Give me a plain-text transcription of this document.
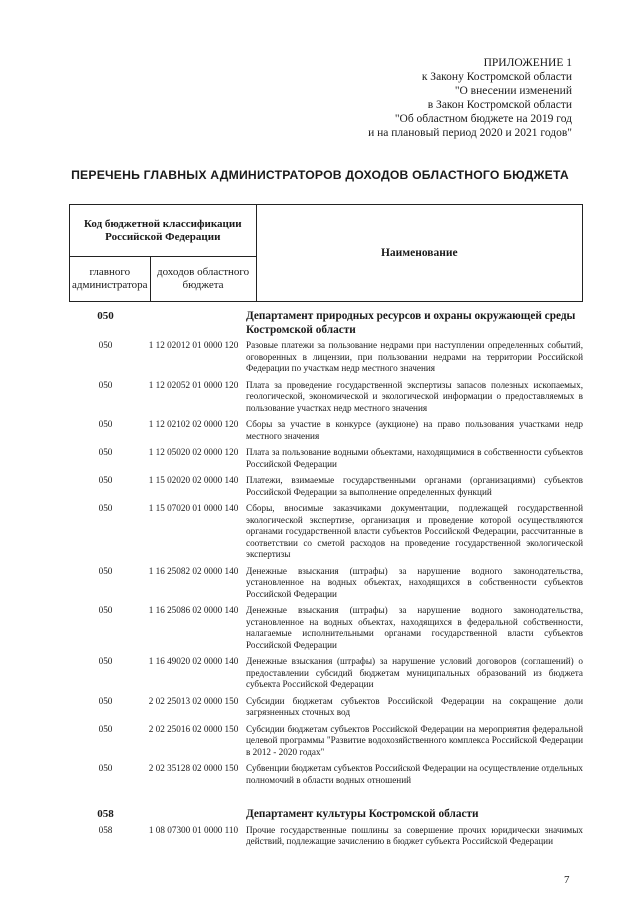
ПРИЛОЖЕНИЕ 1
к Закону Костромской области
"О внесении изменений
в Закон Костромской области
"Об областном бюджете на 2019 год
и на плановый период 2020 и 2021 годов"
ПЕРЕЧЕНЬ ГЛАВНЫХ АДМИНИСТРАТОРОВ ДОХОДОВ ОБЛАСТНОГО БЮДЖЕТА
Код бюджетной классификации Российской Федерации		Наименование
главного администратора	доходов областного бюджета	
050	Департамент природных ресурсов и охраны окружающей среды Костромской области
050	1 12 02012 01 0000 120 Разовые платежи за пользование недрами при наступлении определенных событий, оговоренных в лицензии, при пользовании недрами на территории Российской Федерации по участкам недр местного значения
050	1 12 02052 01 0000 120 Плата за проведение государственной экспертизы запасов полезных ископаемых, геологической, экономической и экологической информации о предоставляемых в пользование участках недр местного значения
050	1 12 02102 02 0000 120 Сборы за участие в конкурсе (аукционе) на право пользования участками недр местного значения
050	1 12 05020 02 0000 120 Плата за пользование водными объектами, находящимися в собственности субъектов Российской Федерации
050	1 15 02020 02 0000 140 Платежи, взимаемые государственными органами (организациями) субъектов Российской Федерации за выполнение определенных функций
050	1 15 07020 01 0000 140 Сборы, вносимые заказчиками документации, подлежащей государственной экологической экспертизе, организация и проведение которой осуществляются органами государственной власти субъектов Российской Федерации, рассчитанные в соответствии со сметой расходов на проведение государственной экологической экспертизы
050	1 16 25082 02 0000 140 Денежные взыскания (штрафы) за нарушение водного законодательства, установленное на водных объектах, находящихся в собственности субъектов Российской Федерации
050	1 16 25086 02 0000 140 Денежные взыскания (штрафы) за нарушение водного законодательства, установленное на водных объектах, находящихся в федеральной собственности, налагаемые исполнительными органами государственной власти субъектов Российской Федерации
050	1 16 49020 02 0000 140 Денежные взыскания (штрафы) за нарушение условий договоров (соглашений) о предоставлении субсидий бюджетам муниципальных образований из бюджета субъекта Российской Федерации
050	2 02 25013 02 0000 150 Субсидии бюджетам субъектов Российской Федерации на сокращение доли загрязненных сточных вод
050	2 02 25016 02 0000 150 Субсидии бюджетам субъектов Российской Федерации на мероприятия федеральной целевой программы "Развитие водохозяйственного комплекса Российской Федерации в 2012 - 2020 годах"
050	2 02 35128 02 0000 150 Субвенции бюджетам субъектов Российской Федерации на осуществление отдельных полномочий в области водных отношений
058	Департамент культуры Костромской области
058	1 08 07300 01 0000 110 Прочие государственные пошлины за совершение прочих юридически значимых действий, подлежащие зачислению в бюджет субъекта Российской Федерации
7
